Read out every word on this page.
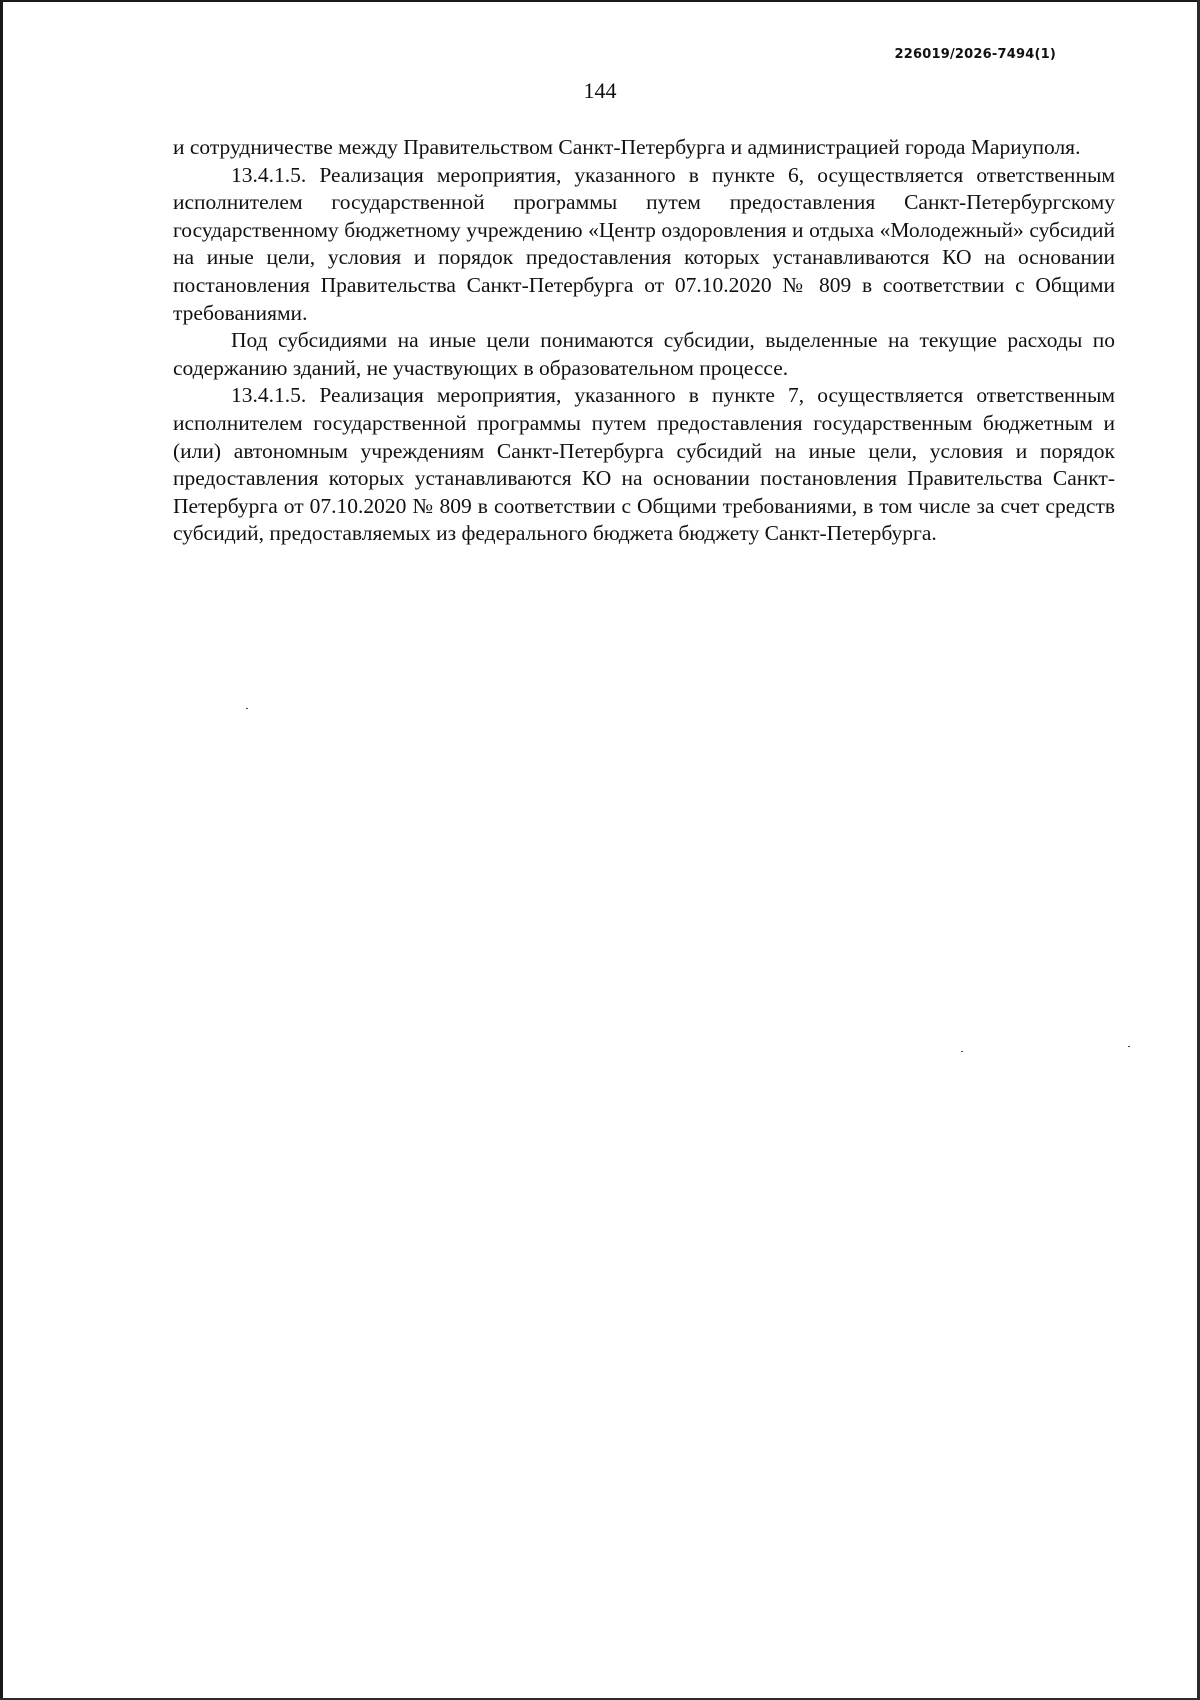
226019/2026-7494(1)
144

и сотрудничестве между Правительством Санкт-Петербурга и администрацией города Мариуполя.

13.4.1.5. Реализация мероприятия, указанного в пункте 6, осуществляется ответственным исполнителем государственной программы путем предоставления Санкт-Петербургскому государственному бюджетному учреждению «Центр оздоровления и отдыха «Молодежный» субсидий на иные цели, условия и порядок предоставления которых устанавливаются КО на основании постановления Правительства Санкт-Петербурга от 07.10.2020 № 809 в соответствии с Общими требованиями.

Под субсидиями на иные цели понимаются субсидии, выделенные на текущие расходы по содержанию зданий, не участвующих в образовательном процессе.

13.4.1.5. Реализация мероприятия, указанного в пункте 7, осуществляется ответственным исполнителем государственной программы путем предоставления государственным бюджетным и (или) автономным учреждениям Санкт-Петербурга субсидий на иные цели, условия и порядок предоставления которых устанавливаются КО на основании постановления Правительства Санкт-Петербурга от 07.10.2020 № 809 в соответствии с Общими требованиями, в том числе за счет средств субсидий, предоставляемых из федерального бюджета бюджету Санкт-Петербурга.
